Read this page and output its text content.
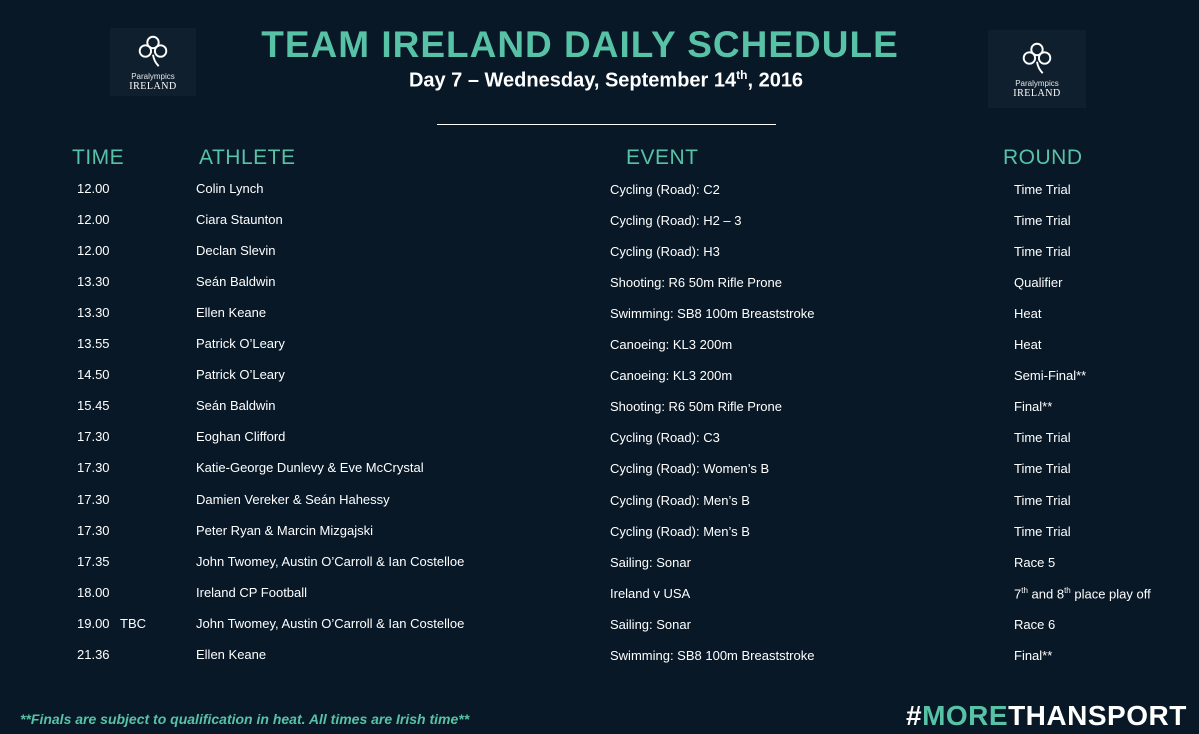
Paralympics
IRELAND	Paralympics
IRELAND
TEAM IRELAND DAILY SCHEDULE
Day 7 – Wednesday, September 14th, 2016
TIME	ATHLETE	EVENT	ROUND
12.00	Colin Lynch	Cycling (Road): C2	Time Trial
12.00	Ciara Staunton	Cycling (Road): H2 – 3	Time Trial
12.00	Declan Slevin	Cycling (Road): H3	Time Trial
13.30	Seán Baldwin	Shooting: R6 50m Rifle Prone	Qualifier
13.30	Ellen Keane	Swimming: SB8 100m Breaststroke	Heat
13.55	Patrick O’Leary	Canoeing: KL3 200m	Heat
14.50	Patrick O’Leary	Canoeing: KL3 200m	Semi-Final**
15.45	Seán Baldwin	Shooting: R6 50m Rifle Prone	Final**
17.30	Eoghan Clifford	Cycling (Road): C3	Time Trial
17.30	Katie-George Dunlevy & Eve McCrystal	Cycling (Road): Women’s B	Time Trial
17.30	Damien Vereker & Seán Hahessy	Cycling (Road): Men’s B	Time Trial
17.30	Peter Ryan & Marcin Mizgajski	Cycling (Road): Men’s B	Time Trial
17.35	John Twomey, Austin O’Carroll & Ian Costelloe	Sailing: Sonar	Race 5
18.00	Ireland CP Football	Ireland v USA	7th and 8th place play off
19.00 TBC	John Twomey, Austin O’Carroll & Ian Costelloe	Sailing: Sonar	Race 6
21.36	Ellen Keane	Swimming: SB8 100m Breaststroke	Final**
**Finals are subject to qualification in heat. All times are Irish time**	#MORETHANSPORT
